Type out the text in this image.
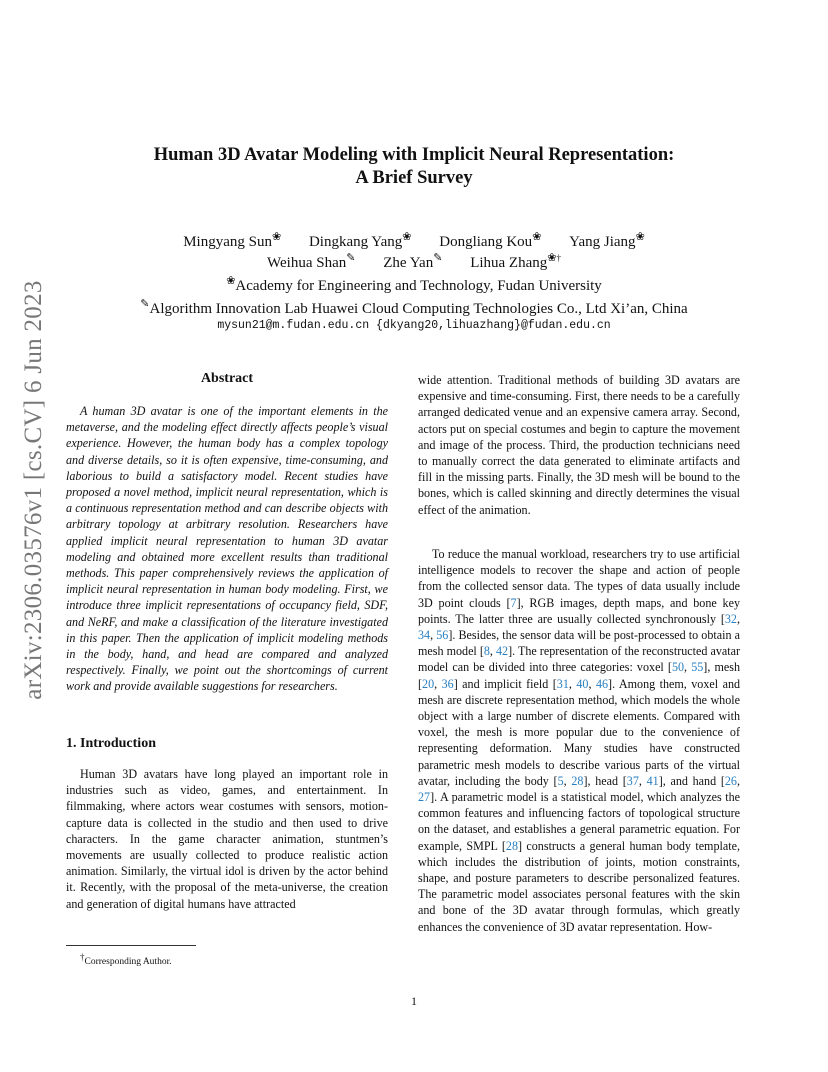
arXiv:2306.03576v1 [cs.CV] 6 Jun 2023
Human 3D Avatar Modeling with Implicit Neural Representation:
A Brief Survey
Mingyang Sun❀ Dingkang Yang❀ Dongliang Kou❀ Yang Jiang❀
Weihua Shan✎ Zhe Yan✎ Lihua Zhang❀†
❀Academy for Engineering and Technology, Fudan University
✎Algorithm Innovation Lab Huawei Cloud Computing Technologies Co., Ltd Xi’an, China
mysun21@m.fudan.edu.cn {dkyang20,lihuazhang}@fudan.edu.cn
Abstract

A human 3D avatar is one of the important elements in the metaverse, and the modeling effect directly affects people’s visual experience. However, the human body has a complex topology and diverse details, so it is often expensive, time-consuming, and laborious to build a satisfactory model. Recent studies have proposed a novel method, implicit neural representation, which is a continuous representation method and can describe objects with arbitrary topology at arbitrary resolution. Researchers have applied implicit neural representation to human 3D avatar modeling and obtained more excellent results than traditional methods. This paper comprehensively reviews the application of implicit neural representation in human body modeling. First, we introduce three implicit representations of occupancy field, SDF, and NeRF, and make a classification of the literature investigated in this paper. Then the application of implicit modeling methods in the body, hand, and head are compared and analyzed respectively. Finally, we point out the shortcomings of current work and provide available suggestions for researchers.

1. Introduction

Human 3D avatars have long played an important role in industries such as video, games, and entertainment. In filmmaking, where actors wear costumes with sensors, motion-capture data is collected in the studio and then used to drive characters. In the game character animation, stuntmen’s movements are usually collected to produce realistic action animation. Similarly, the virtual idol is driven by the actor behind it. Recently, with the proposal of the meta-universe, the creation and generation of digital humans have attracted

†Corresponding Author.

wide attention. Traditional methods of building 3D avatars are expensive and time-consuming. First, there needs to be a carefully arranged dedicated venue and an expensive camera array. Second, actors put on special costumes and begin to capture the movement and image of the process. Third, the production technicians need to manually correct the data generated to eliminate artifacts and fill in the missing parts. Finally, the 3D mesh will be bound to the bones, which is called skinning and directly determines the visual effect of the animation.

To reduce the manual workload, researchers try to use artificial intelligence models to recover the shape and action of people from the collected sensor data. The types of data usually include 3D point clouds [7], RGB images, depth maps, and bone key points. The latter three are usually collected synchronously [32, 34, 56]. Besides, the sensor data will be post-processed to obtain a mesh model [8, 42]. The representation of the reconstructed avatar model can be divided into three categories: voxel [50, 55], mesh [20, 36] and implicit field [31, 40, 46]. Among them, voxel and mesh are discrete representation method, which models the whole object with a large number of discrete elements. Compared with voxel, the mesh is more popular due to the convenience of representing deformation. Many studies have constructed parametric mesh models to describe various parts of the virtual avatar, including the body [5, 28], head [37, 41], and hand [26, 27]. A parametric model is a statistical model, which analyzes the common features and influencing factors of topological structure on the dataset, and establishes a general parametric equation. For example, SMPL [28] constructs a general human body template, which includes the distribution of joints, motion constraints, shape, and posture parameters to describe personalized features. The parametric model associates personal features with the skin and bone of the 3D avatar through formulas, which greatly enhances the convenience of 3D avatar representation. How-

1
